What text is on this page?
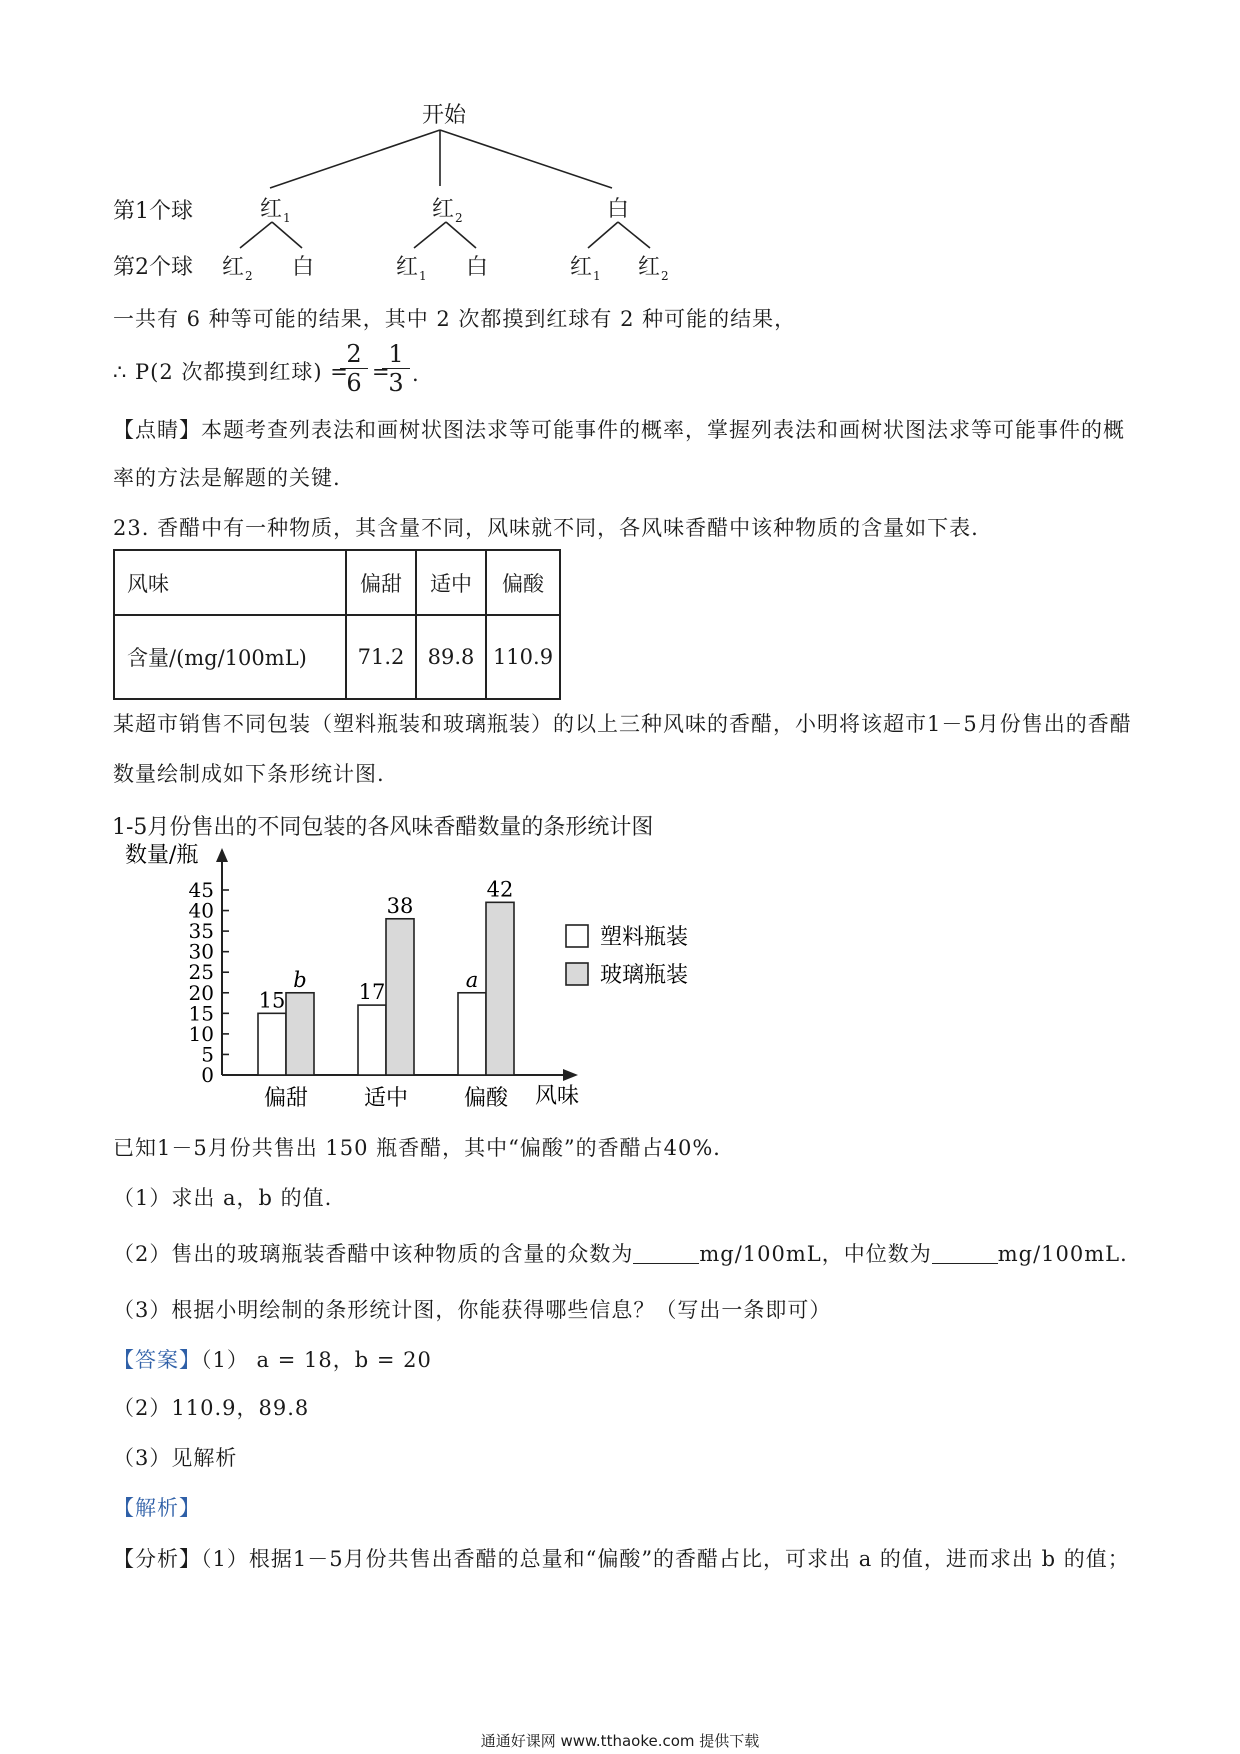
开始
第1个球
第2个球
红$_1$	红$_2$	白
红$_2$ 白	红$_1$ 白	红$_1$ 红$_2$
一共有 6 种等可能的结果，其中 2 次都摸到红球有 2 种可能的结果，
∴ P(2 次都摸到红球) =
2
6 =
1
3 .
【点睛】本题考查列表法和画树状图法求等可能事件的概率，掌握列表法和画树状图法求等可能事件的概
率的方法是解题的关键.
23. 香醋中有一种物质，其含量不同，风味就不同，各风味香醋中该种物质的含量如下表.
风味	偏甜	适中	偏酸
含量/(mg/100mL)	71.2	89.8	110.9
某超市销售不同包装（塑料瓶装和玻璃瓶装）的以上三种风味的香醋，小明将该超市1－5月份售出的香醋
数量绘制成如下条形统计图.
1-5月份售出的不同包装的各风味香醋数量的条形统计图
数量/瓶
风味
0
5
10
15
20
25
30
35
40
45
15
b
偏甜
17
38
适中
a
42
偏酸
塑料瓶装
玻璃瓶装
已知1－5月份共售出 150 瓶香醋，其中“偏酸”的香醋占40%．
（1）求出 a，b 的值.
（2）售出的玻璃瓶装香醋中该种物质的含量的众数为	mg/100mL，中位数为	mg/100mL．
（3）根据小明绘制的条形统计图，你能获得哪些信息？（写出一条即可）
【答案】（1） a = 18，b = 20
（2）110.9，89.8
（3）见解析
【解析】
【分析】（1）根据1－5月份共售出香醋的总量和“偏酸”的香醋占比，可求出 a 的值，进而求出 b 的值；
通通好课网 www.tthaoke.com 提供下载
